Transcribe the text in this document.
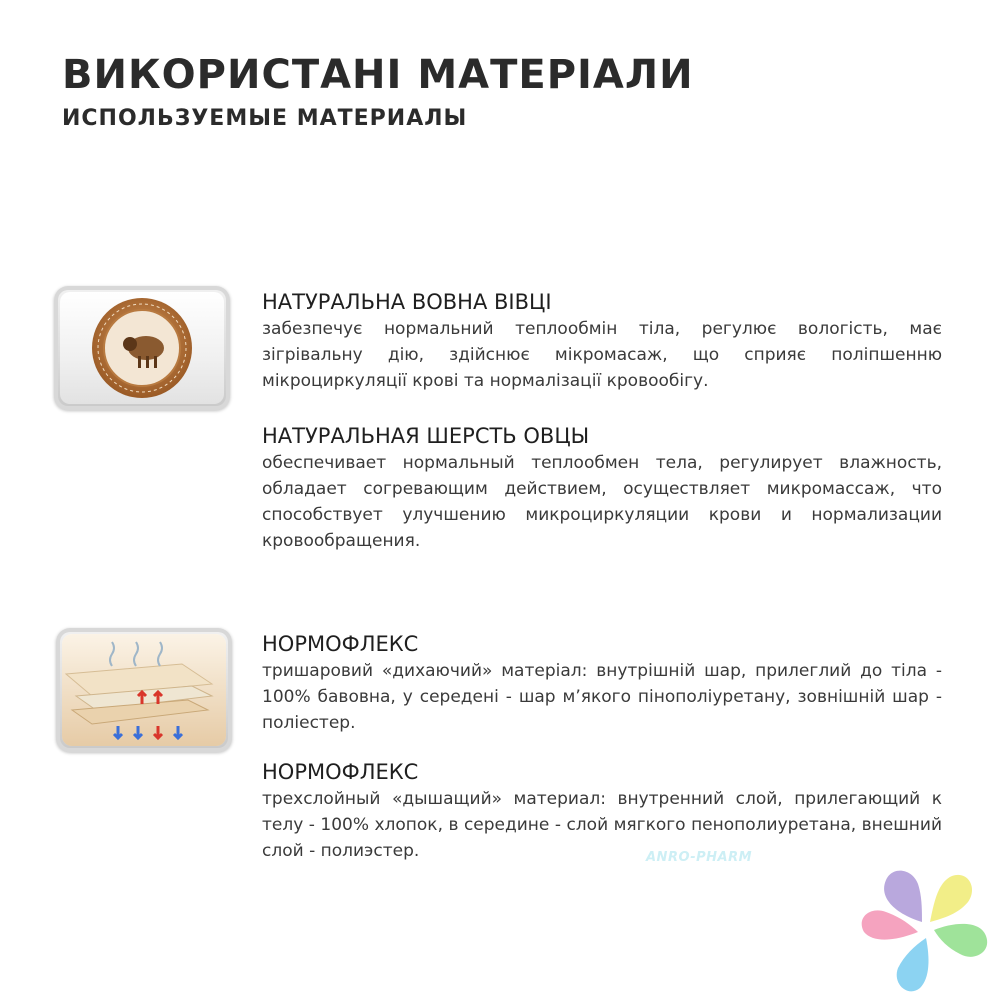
ВИКОРИСТАНІ МАТЕРІАЛИ
ИСПОЛЬЗУЕМЫЕ МАТЕРИАЛЫ
НАТУРАЛЬНА ВОВНА ВІВЦІ

забезпечує нормальний теплообмін тіла, регулює вологість, має зігрівальну дію, здійснює мікромасаж, що сприяє поліпшенню мікроциркуляції крові та нормалізації кровообігу.

НАТУРАЛЬНАЯ ШЕРСТЬ ОВЦЫ

обеспечивает нормальный теплообмен тела, регулирует влажность, обладает согревающим действием, осуществляет микромассаж, что способствует улучшению микроциркуляции крови и нормализации кровообращения.

НОРМОФЛЕКС

тришаровий «дихаючий» матеріал: внутрішній шар, прилеглий до тіла - 100% бавовна, у середені - шар м’якого пінополіуретану, зовнішній шар - поліестер.

НОРМОФЛЕКС

трехслойный «дышащий» материал: внутренний слой, прилегающий к телу - 100% хлопок, в середине - слой мягкого пенополиуретана, внешний слой - полиэстер.	ANRO-PHARM
